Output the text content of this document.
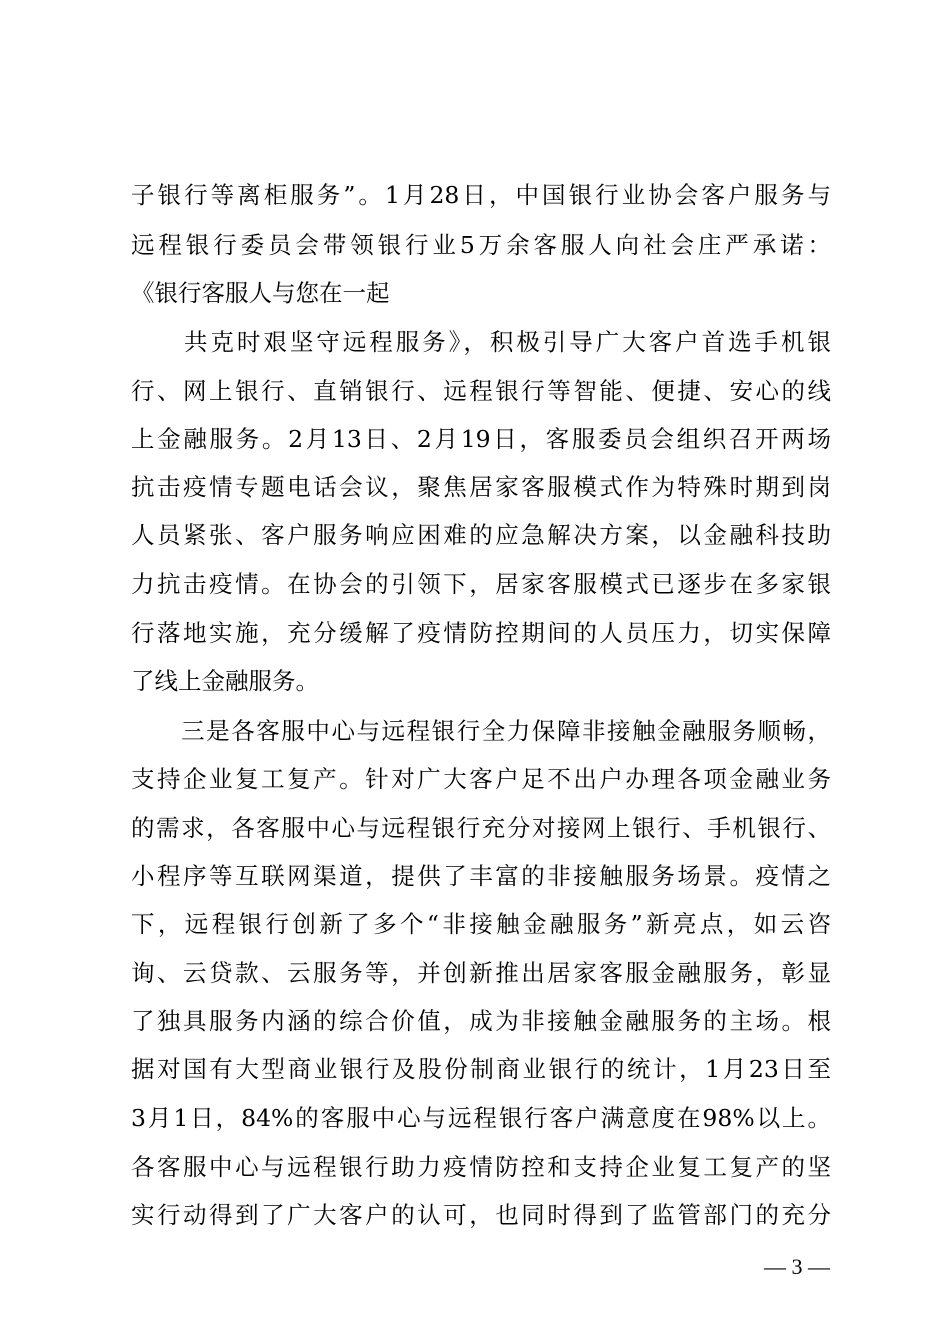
子银行等离柜服务”。1月28日，中国银行业协会客户服务与
远程银行委员会带领银行业5万余客服人向社会庄严承诺：
《银行客服人与您在一起
　　共克时艰坚守远程服务》，积极引导广大客户首选手机银
行、网上银行、直销银行、远程银行等智能、便捷、安心的线
上金融服务。2月13日、2月19日，客服委员会组织召开两场
抗击疫情专题电话会议，聚焦居家客服模式作为特殊时期到岗
人员紧张、客户服务响应困难的应急解决方案，以金融科技助
力抗击疫情。在协会的引领下，居家客服模式已逐步在多家银
行落地实施，充分缓解了疫情防控期间的人员压力，切实保障
了线上金融服务。
　　三是各客服中心与远程银行全力保障非接触金融服务顺畅，
支持企业复工复产。针对广大客户足不出户办理各项金融业务
的需求，各客服中心与远程银行充分对接网上银行、手机银行、
小程序等互联网渠道，提供了丰富的非接触服务场景。疫情之
下，远程银行创新了多个“非接触金融服务”新亮点，如云咨
询、云贷款、云服务等，并创新推出居家客服金融服务，彰显
了独具服务内涵的综合价值，成为非接触金融服务的主场。根
据对国有大型商业银行及股份制商业银行的统计，1月23日至
3月1日，84%的客服中心与远程银行客户满意度在98%以上。
各客服中心与远程银行助力疫情防控和支持企业复工复产的坚
实行动得到了广大客户的认可，也同时得到了监管部门的充分
— 3 —
